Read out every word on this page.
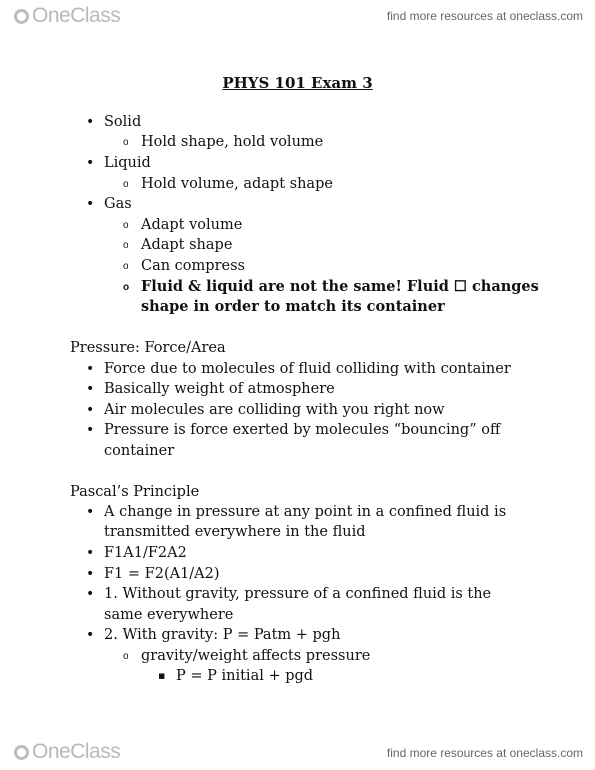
OneClass	find more resources at oneclass.com
PHYS 101 Exam 3
• Solid
o Hold shape, hold volume
• Liquid
o Hold volume, adapt shape
• Gas
o Adapt volume
o Adapt shape
o Can compress
o Fluid & liquid are not the same! Fluid ☐ changes
shape in order to match its container
Pressure: Force/Area
• Force due to molecules of fluid colliding with container
• Basically weight of atmosphere
• Air molecules are colliding with you right now
• Pressure is force exerted by molecules “bouncing” off
container
Pascal’s Principle
• A change in pressure at any point in a confined fluid is
transmitted everywhere in the fluid
• F1A1/F2A2
• F1 = F2(A1/A2)
• 1. Without gravity, pressure of a confined fluid is the
same everywhere
• 2. With gravity: P = Patm + pgh
o gravity/weight affects pressure
▪ P = P initial + pgd
OneClass	find more resources at oneclass.com
